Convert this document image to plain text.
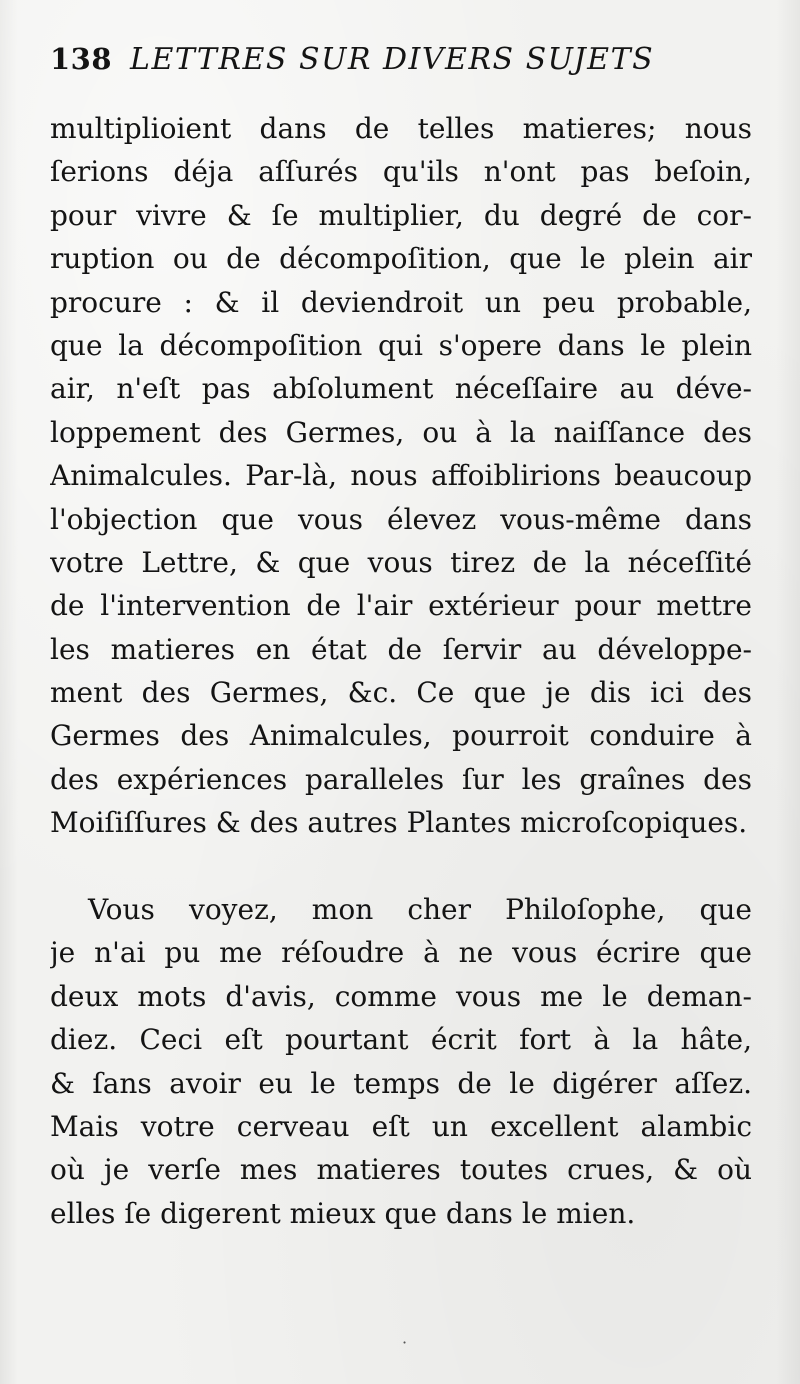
138 LETTRES SUR DIVERS SUJETS
multiplioient dans de telles matieres; nous
ſerions déja aſſurés qu'ils n'ont pas beſoin,
pour vivre & ſe multiplier, du degré de cor-
ruption ou de décompoſition, que le plein air
procure : & il deviendroit un peu probable,
que la décompoſition qui s'opere dans le plein
air, n'eſt pas abſolument néceſſaire au déve-
loppement des Germes, ou à la naiſſance des
Animalcules. Par-là, nous affoiblirions beaucoup
l'objection que vous élevez vous-même dans
votre Lettre, & que vous tirez de la néceſſité
de l'intervention de l'air extérieur pour mettre
les matieres en état de ſervir au développe-
ment des Germes, &c. Ce que je dis ici des
Germes des Animalcules, pourroit conduire à
des expériences paralleles ſur les graînes des
Moiſiſſures & des autres Plantes microſcopiques.
Vous voyez, mon cher Philoſophe, que
je n'ai pu me réſoudre à ne vous écrire que
deux mots d'avis, comme vous me le deman-
diez. Ceci eſt pourtant écrit fort à la hâte,
& ſans avoir eu le temps de le digérer aſſez.
Mais votre cerveau eſt un excellent alambic
où je verſe mes matieres toutes crues, & où
elles ſe digerent mieux que dans le mien.
·
